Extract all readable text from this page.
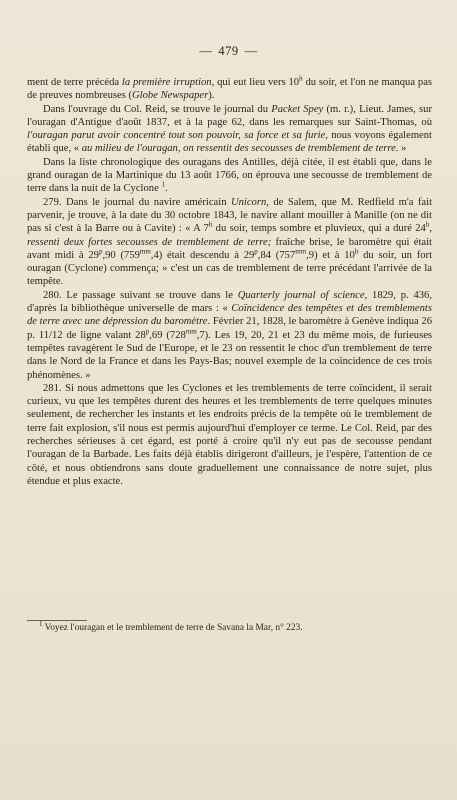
— 479 —

ment de terre précéda la première irruption, qui eut lieu vers 10$^h$ du soir, et l'on ne manqua pas de preuves nombreuses (Globe Newspaper).

Dans l'ouvrage du Col. Reid, se trouve le journal du Packet Spey (m. r.), Lieut. James, sur l'ouragan d'Antigue d'août 1837, et à la page 62, dans les remarques sur Saint-Thomas, où l'ouragan parut avoir concentré tout son pouvoir, sa force et sa furie, nous voyons également établi que, « au milieu de l'ouragan, on ressentit des secousses de tremblement de terre. »

Dans la liste chronologique des ouragans des Antilles, déjà citée, il est établi que, dans le grand ouragan de la Martinique du 13 août 1766, on éprouva une secousse de tremblement de terre dans la nuit de la Cyclone $^1$.

279. Dans le journal du navire américain Unicorn, de Salem, que M. Redfield m'a fait parvenir, je trouve, à la date du 30 octobre 1843, le navire allant mouiller à Manille (on ne dit pas si c'est à la Barre ou à Cavite) : « A 7$^h$ du soir, temps sombre et pluvieux, qui a duré 24$^h$, ressenti deux fortes secousses de tremblement de terre; fraîche brise, le baromètre qui était avant midi à 29$^p$,90 $(759^{mm},4)$ était descendu à 29$^p$,84 $(757^{mm},9)$ et à 10$^h$ du soir, un fort ouragan (Cyclone) commença; » c'est un cas de tremblement de terre précédant l'arrivée de la tempête.

280. Le passage suivant se trouve dans le Quarterly journal of science, 1829, p. 436, d'après la bibliothèque universelle de mars : « Coïncidence des tempêtes et des tremblements de terre avec une dépression du baromètre. Février 21, 1828, le baromètre à Genève indiqua 26 p. 11/12 de ligne valant 28$^p$,69 $(728^{mm},7)$. Les 19, 20, 21 et 23 du même mois, de furieuses tempêtes ravagèrent le Sud de l'Europe, et le 23 on ressentit le choc d'un tremblement de terre dans le Nord de la France et dans les Pays-Bas; nouvel exemple de la coïncidence de ces trois phénomènes. »

281. Si nous admettons que les Cyclones et les tremblements de terre coïncident, il serait curieux, vu que les tempêtes durent des heures et les tremblements de terre quelques minutes seulement, de rechercher les instants et les endroits précis de la tempête où le tremblement de terre fait explosion, s'il nous est permis aujourd'hui d'employer ce terme. Le Col. Reid, par des recherches sérieuses à cet égard, est porté à croire qu'il n'y eut pas de secousse pendant l'ouragan de la Barbade. Les faits déjà établis dirigeront d'ailleurs, je l'espère, l'attention de ce côté, et nous obtiendrons sans doute graduellement une connaissance de notre sujet, plus étendue et plus exacte.

$^1$ Voyez l'ouragan et le tremblement de terre de Savana la Mar, n° 223.
